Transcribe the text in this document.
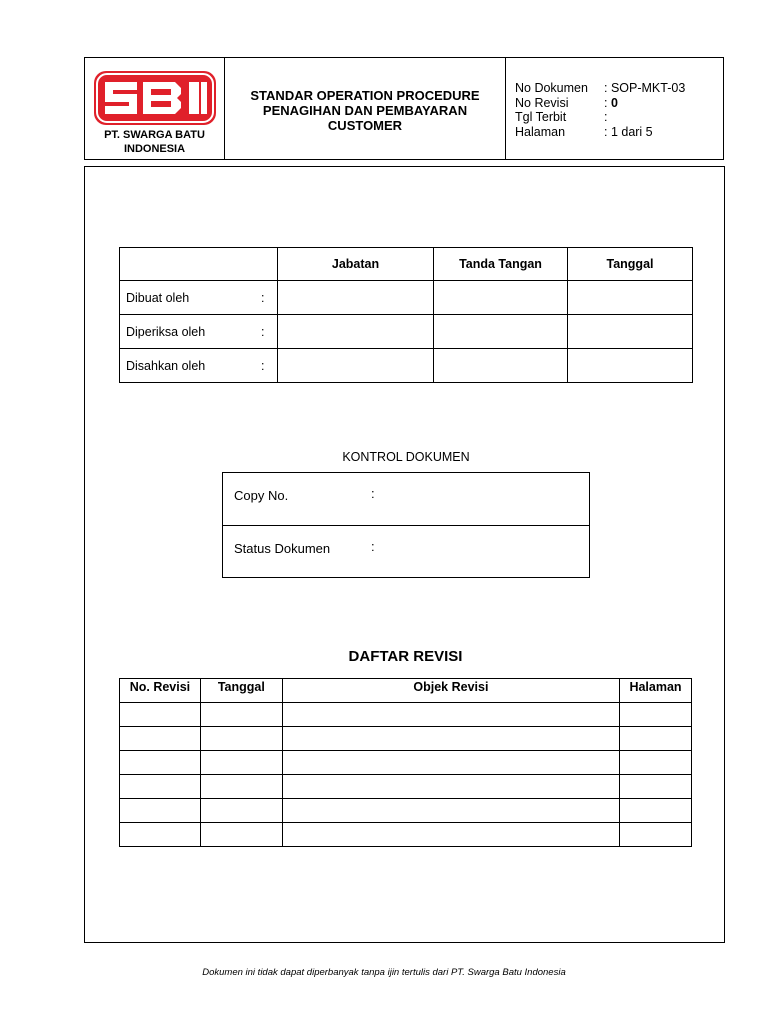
PT. SWARGA BATU
INDONESIA
STANDAR OPERATION PROCEDURE
PENAGIHAN DAN PEMBAYARAN
CUSTOMER
No Dokumen	: SOP-MKT-03
No Revisi	: 0
Tgl Terbit	:
Halaman	: 1 dari 5
	Jabatan	Tanda Tangan	Tanggal
Dibuat oleh :			

Diperiksa oleh :			

Disahkan oleh :			

KONTROL DOKUMEN
Copy No.	:
Status Dokumen	:
DAFTAR REVISI
No. Revisi	Tanggal	Objek Revisi	Halaman

Dokumen ini tidak dapat diperbanyak tanpa ijin tertulis dari PT. Swarga Batu Indonesia
